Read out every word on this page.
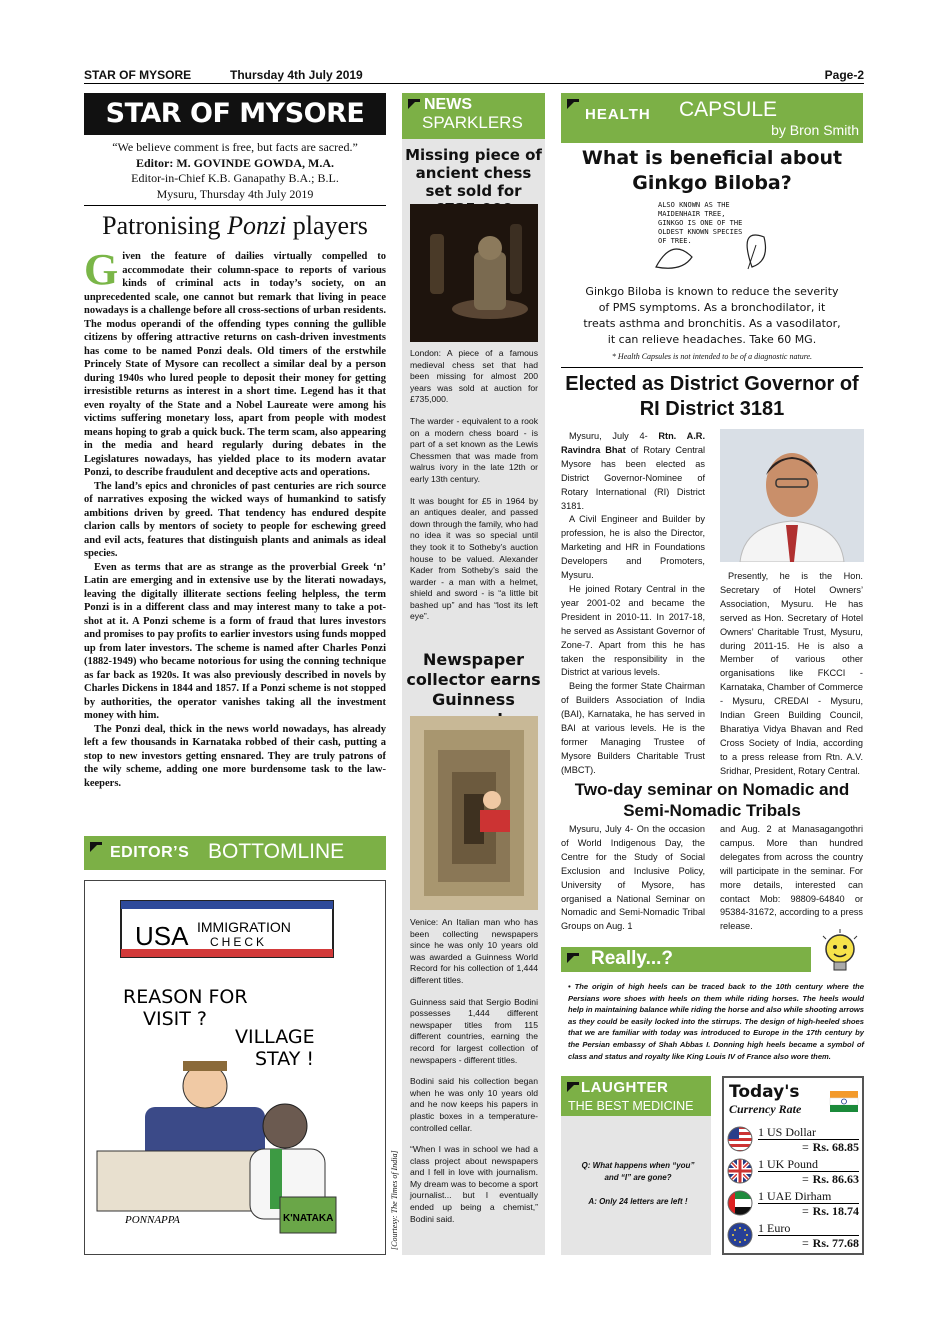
STAR OF MYSORE	Thursday 4th July 2019	Page-2
STAR OF MYSORE
“We believe comment is free, but facts are sacred.”
Editor: M. GOVINDE GOWDA, M.A.
Editor-in-Chief K.B. Ganapathy B.A.; B.L.
Mysuru, Thursday 4th July 2019
Patronising Ponzi players

Given the feature of dailies virtually compelled to accommodate their column-space to reports of various kinds of criminal acts in today’s society, on an unprecedented scale, one cannot but remark that living in peace nowadays is a challenge before all cross-sections of urban residents. The modus operandi of the offending types conning the gullible citizens by offering attractive returns on cash-driven investments has come to be named Ponzi deals. Old timers of the erstwhile Princely State of Mysore can recollect a similar deal by a person during 1940s who lured people to deposit their money for getting irresistible returns as interest in a short time. Legend has it that even royalty of the State and a Nobel Laureate were among his victims suffering monetary loss, apart from people with modest means hoping to grab a quick buck. The term scam, also appearing in the media and heard regularly during debates in the Legislatures nowadays, has yielded place to its modern avatar Ponzi, to describe fraudulent and deceptive acts and operations.

The land’s epics and chronicles of past centuries are rich source of narratives exposing the wicked ways of humankind to satisfy ambitions driven by greed. That tendency has endured despite clarion calls by mentors of society to people for eschewing greed and evil acts, features that distinguish plants and animals as ideal species.

Even as terms that are as strange as the proverbial Greek ‘n’ Latin are emerging and in extensive use by the literati nowadays, leaving the digitally illiterate sections feeling helpless, the term Ponzi is in a different class and may interest many to take a pot-shot at it. A Ponzi scheme is a form of fraud that lures investors and promises to pay profits to earlier investors using funds mopped up from later investors. The scheme is named after Charles Ponzi (1882-1949) who became notorious for using the conning technique as far back as 1920s. It was also previously described in novels by Charles Dickens in 1844 and 1857. If a Ponzi scheme is not stopped by authorities, the operator vanishes taking all the investment money with him.

The Ponzi deal, thick in the news world nowadays, has already left a few thousands in Karnataka robbed of their cash, putting a stop to new investors getting ensnared. They are truly patrons of the wily scheme, adding one more burdensome task to the law-keepers.

EDITOR’S BOTTOMLINE
USA IMMIGRATION
CHECK
REASON FOR VISIT ?
VILLAGE STAY !
K'NATAKA
PONNAPPA	[Courtesy: The Times of India]
NEWS
SPARKLERS
Missing piece of ancient chess set sold for

London: A piece of a famous medieval chess set that had been missing for almost 200 years was sold at auction for £735,000.

The warder - equivalent to a rook on a modern chess board - is part of a set known as the Lewis Chessmen that was made from walrus ivory in the late 12th or early 13th century.

It was bought for £5 in 1964 by an antiques dealer, and passed down through the family, who had no idea it was so special until they took it to Sotheby’s auction house to be valued. Alexander Kader from Sotheby’s said the warder - a man with a helmet, shield and sword - is “a little bit bashed up” and has “lost its left eye”.

Newspaper collector earns Guinness

Venice: An Italian man who has been collecting newspapers since he was only 10 years old was awarded a Guinness World Record for his collection of 1,444 different titles.

Guinness said that Sergio Bodini possesses 1,444 different newspaper titles from 115 different countries, earning the record for largest collection of newspapers - different titles.

Bodini said his collection began when he was only 10 years old and he now keeps his papers in plastic boxes in a temperature-controlled cellar.

“When I was in school we had a class project about newspapers and I fell in love with journalism. My dream was to become a sport journalist... but I eventually ended up being a chemist,” Bodini said.

HEALTH CAPSULE
by Bron Smith
What is beneficial about Ginkgo Biloba?
ALSO KNOWN AS THE MAIDENHAIR TREE, GINKGO IS ONE OF THE OLDEST KNOWN SPECIES OF TREE.
Ginkgo Biloba is known to reduce the severity of PMS symptoms. As a bronchodilator, it treats asthma and bronchitis. As a vasodilator, it can relieve headaches. Take 60 MG.
* Health Capsules is not intended to be of a diagnostic nature.
Elected as District Governor of RI District 3181

Mysuru, July 4- Rtn. A.R. Ravindra Bhat of Rotary Central Mysore has been elected as District Governor-Nominee of Rotary International (RI) District 3181.

A Civil Engineer and Builder by profession, he is also the Director, Marketing and HR in Foundations Developers and Promoters, Mysuru.

He joined Rotary Central in the year 2001-02 and became the President in 2010-11. In 2017-18, he served as Assistant Governor of Zone-7. Apart from this he has taken the responsibility in the District at various levels.

Being the former State Chairman of Builders Association of India (BAI), Karnataka, he has served in BAI at various levels. He is the former Managing Trustee of Mysore Builders Charitable Trust (MBCT).

Presently, he is the Hon. Secretary of Hotel Owners’ Association, Mysuru. He has served as Hon. Secretary of Hotel Owners’ Charitable Trust, Mysuru, during 2011-15. He is also a Member of various other organisations like FKCCI - Karnataka, Chamber of Commerce - Mysuru, CREDAI - Mysuru, Indian Green Building Council, Bharatiya Vidya Bhavan and Red Cross Society of India, according to a press release from Rtn. A.V. Sridhar, President, Rotary Central.
Two-day seminar on Nomadic and Semi-Nomadic Tribals
Mysuru, July 4- On the occasion of World Indigenous Day, the Centre for the Study of Social Exclusion and Inclusive Policy, University of Mysore, has organised a National Seminar on Nomadic and Semi-Nomadic Tribal Groups on Aug. 1
and Aug. 2 at Manasagangothri campus. More than hundred delegates from across the country will participate in the seminar. For more details, interested can contact Mob: 98809-64840 or 95384-31672, according to a press release.
Really...?
• The origin of high heels can be traced back to the 10th century where the Persians wore shoes with heels on them while riding horses. The heels would help in maintaining balance while riding the horse and also while shooting arrows as they could be easily locked into the stirrups. The design of high-heeled shoes that we are familiar with today was introduced to Europe in the 17th century by the Persian embassy of Shah Abbas I. Donning high heels became a symbol of class and status and royalty like King Louis IV of France also wore them.
LAUGHTER
THE BEST MEDICINE
Q: What happens when “you” and “I” are gone?
A: Only 24 letters are left !
Today's
Currency Rate
1 US Dollar
= Rs. 68.85
1 UK Pound
= Rs. 86.63
1 UAE Dirham
= Rs. 18.74
1 Euro
= Rs. 77.68
